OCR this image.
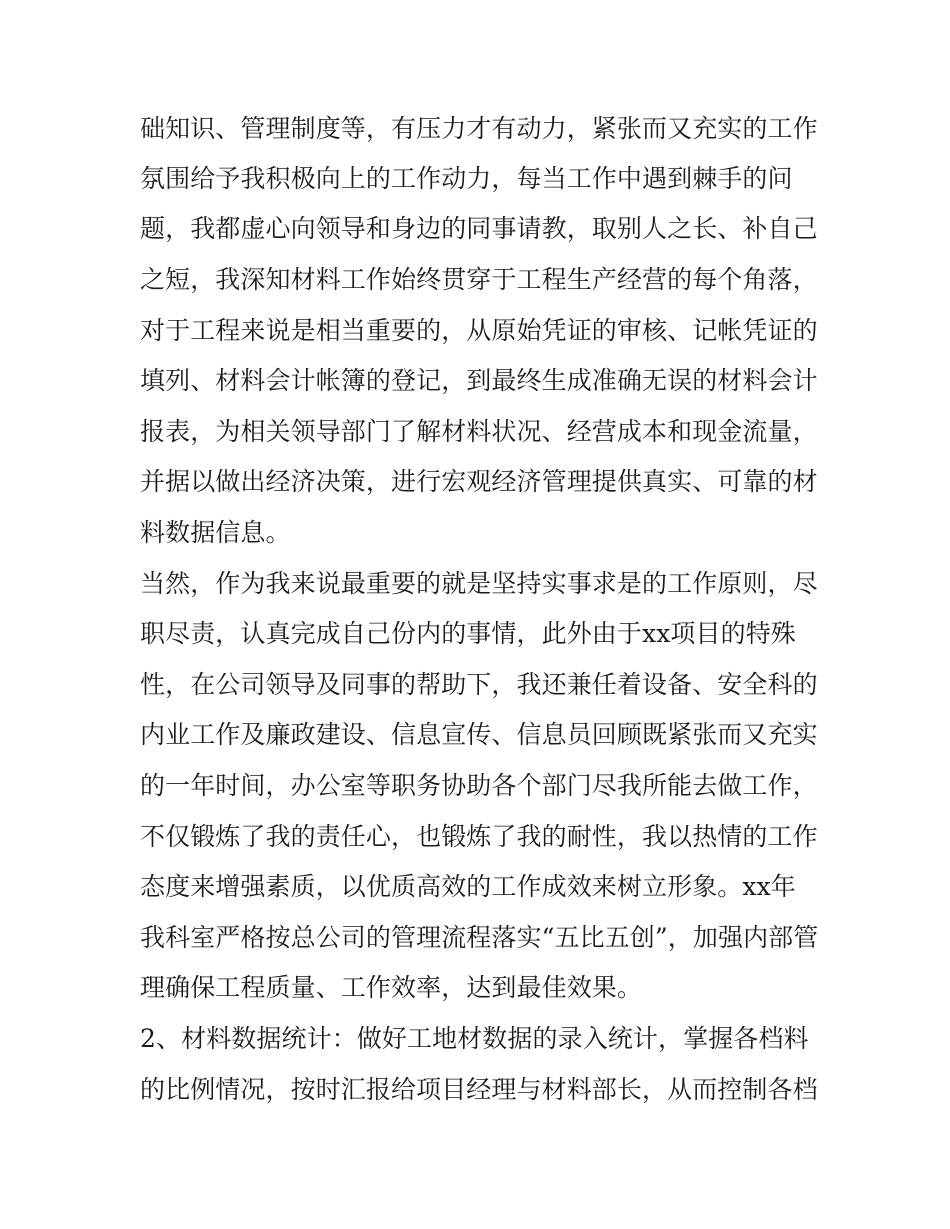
础知识、管理制度等，有压力才有动力，紧张而又充实的工作
氛围给予我积极向上的工作动力，每当工作中遇到棘手的问
题，我都虚心向领导和身边的同事请教，取别人之长、补自己
之短，我深知材料工作始终贯穿于工程生产经营的每个角落，
对于工程来说是相当重要的，从原始凭证的审核、记帐凭证的
填列、材料会计帐簿的登记，到最终生成准确无误的材料会计
报表，为相关领导部门了解材料状况、经营成本和现金流量，
并据以做出经济决策，进行宏观经济管理提供真实、可靠的材
料数据信息。
当然，作为我来说最重要的就是坚持实事求是的工作原则，尽
职尽责，认真完成自己份内的事情，此外由于xx项目的特殊
性，在公司领导及同事的帮助下，我还兼任着设备、安全科的
内业工作及廉政建设、信息宣传、信息员回顾既紧张而又充实
的一年时间，办公室等职务协助各个部门尽我所能去做工作，
不仅锻炼了我的责任心，也锻炼了我的耐性，我以热情的工作
态度来增强素质，以优质高效的工作成效来树立形象。xx年
我科室严格按总公司的管理流程落实“五比五创”，加强内部管
理确保工程质量、工作效率，达到最佳效果。
2、材料数据统计：做好工地材数据的录入统计，掌握各档料
的比例情况，按时汇报给项目经理与材料部长，从而控制各档
